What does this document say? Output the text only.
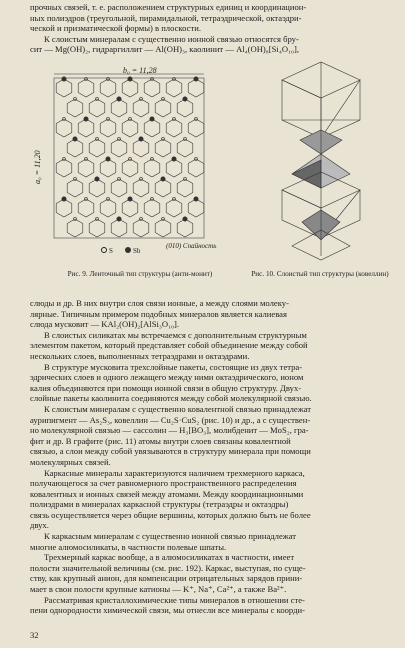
прочных связей, т. е. расположением структурных единиц и координацион-

ных полиэдров (треугольной, пирамидальной, тетраэдрической, октаэдри-

ческой и призматической формы) в плоскости.

К слоистым минералам с существенно ионной связью относятся бру-

сит — Mg(OH)₂, гидраргиллит — Al(OH)₃, каолинит — Al₄(OH)₈[Si₄O₁₀],

b₀ = 11,28
a₀ = 11,20
S	Sb
(010) Спайность
Рис. 9. Ленточный тип структуры (анти-монит)	Рис. 10. Слоистый тип структуры (ковеллин)

слюды и др. В них внутри слоя связи ионные, а между слоями молеку-

лярные. Типичным примером подобных минералов является калиевая

слюда мусковит — KAl₂(OH)₂[AlSi₃O₁₀].

В слоистых силикатах мы встречаемся с дополнительным структурным

элементом пакетом, который представляет собой объединение между собой

нескольких слоев, выполненных тетраэдрами и октаэдрами.

В структуре мусковита трехслойные пакеты, состоящие из двух тетра-

эдрических слоев и одного лежащего между ними октаэдрического, ионом

калия объединяются при помощи ионной связи в общую структуру. Двух-

слойные пакеты каолинита соединяются между собой молекулярной связью.

К слоистым минералам с существенно ковалентной связью принадлежат

аурипигмент — As₂S₃, ковеллин — Cu₂S·CuS₂ (рис. 10) и др., а с существен-

но молекулярной связью — сассолин — H₃[BO₃], молибденит — MoS₂, гра-

фит и др. В графите (рис. 11) атомы внутри слоев связаны ковалентной

связью, а слои между собой увязываются в структуру минерала при помощи

молекулярных связей.

Каркасные минералы характеризуются наличием трехмерного каркаса,

получающегося за счет равномерного пространственного распределения

ковалентных и ионных связей между атомами. Между координационными

полиэдрами в минералах каркасной структуры (тетраэдры и октаэдры)

связь осуществляется через общие вершины, которых должно быть не более

двух.

К каркасным минералам с существенно ионной связью принадлежат

многие алюмосиликаты, в частности полевые шпаты.

Трехмерный каркас вообще, а в алюмосиликатах в частности, имеет

полости значительной величины (см. рис. 192). Каркас, выступая, по суще-

ству, как крупный анион, для компенсации отрицательных зарядов прини-

мает в свои полости крупные катионы — K⁺, Na⁺, Ca²⁺, а также Ba²⁺.

Рассматривая кристаллохимические типы минералов в отношении сте-

пени однородности химической связи, мы отнесли все минералы с коорди-

32
